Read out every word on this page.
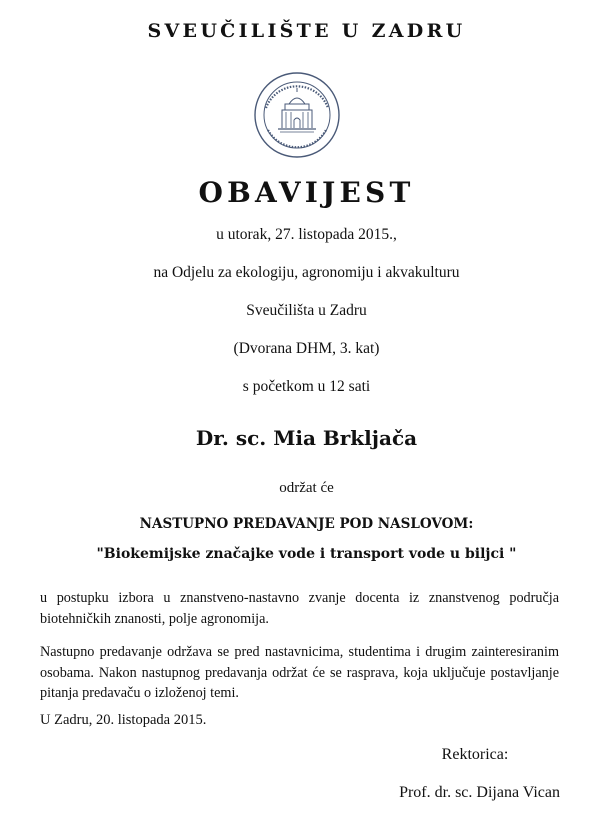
SVEUČILIŠTE U ZADRU
OBAVIJEST
u utorak, 27. listopada 2015.,
na Odjelu za ekologiju, agronomiju i akvakulturu
Sveučilišta u Zadru
(Dvorana DHM, 3. kat)
s početkom u 12 sati
Dr. sc. Mia Brkljača
održat će
NASTUPNO PREDAVANJE POD NASLOVOM:
"Biokemijske značajke vode i transport vode u biljci "
u postupku izbora u znanstveno-nastavno zvanje docenta iz znanstvenog područja biotehničkih znanosti, polje agronomija.
Nastupno predavanje održava se pred nastavnicima, studentima i drugim zainteresiranim osobama. Nakon nastupnog predavanja održat će se rasprava, koja uključuje postavljanje pitanja predavaču o izloženoj temi.
U Zadru, 20. listopada 2015.
Rektorica:
Prof. dr. sc. Dijana Vican
